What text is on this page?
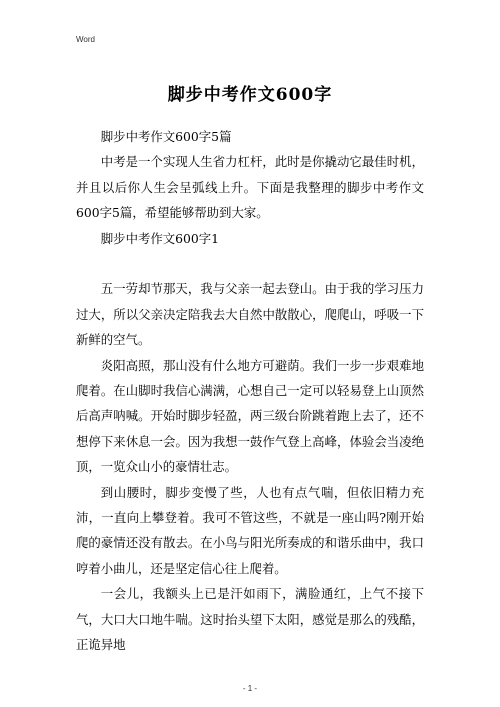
Word
脚步中考作文600字

脚步中考作文600字5篇

中考是一个实现人生省力杠杆，此时是你撬动它最佳时机，并且以后你人生会呈弧线上升。下面是我整理的脚步中考作文600字5篇，希望能够帮助到大家。

脚步中考作文600字1

五一劳却节那天，我与父亲一起去登山。由于我的学习压力过大，所以父亲决定陪我去大自然中散散心，爬爬山，呼吸一下新鲜的空气。

炎阳高照，那山没有什么地方可避荫。我们一步一步艰难地爬着。在山脚时我信心满满，心想自己一定可以轻易登上山顶然后高声呐喊。开始时脚步轻盈，两三级台阶跳着跑上去了，还不想停下来休息一会。因为我想一鼓作气登上高峰，体验会当凌绝顶，一览众山小的豪情壮志。

到山腰时，脚步变慢了些，人也有点气喘，但依旧精力充沛，一直向上攀登着。我可不管这些，不就是一座山吗?刚开始爬的豪情还没有散去。在小鸟与阳光所奏成的和谐乐曲中，我口哼着小曲儿，还是坚定信心往上爬着。

一会儿，我额头上已是汗如雨下，满脸通红，上气不接下气，大口大口地牛喘。这时抬头望下太阳，感觉是那么的残酷，正诡异地

- 1 -
